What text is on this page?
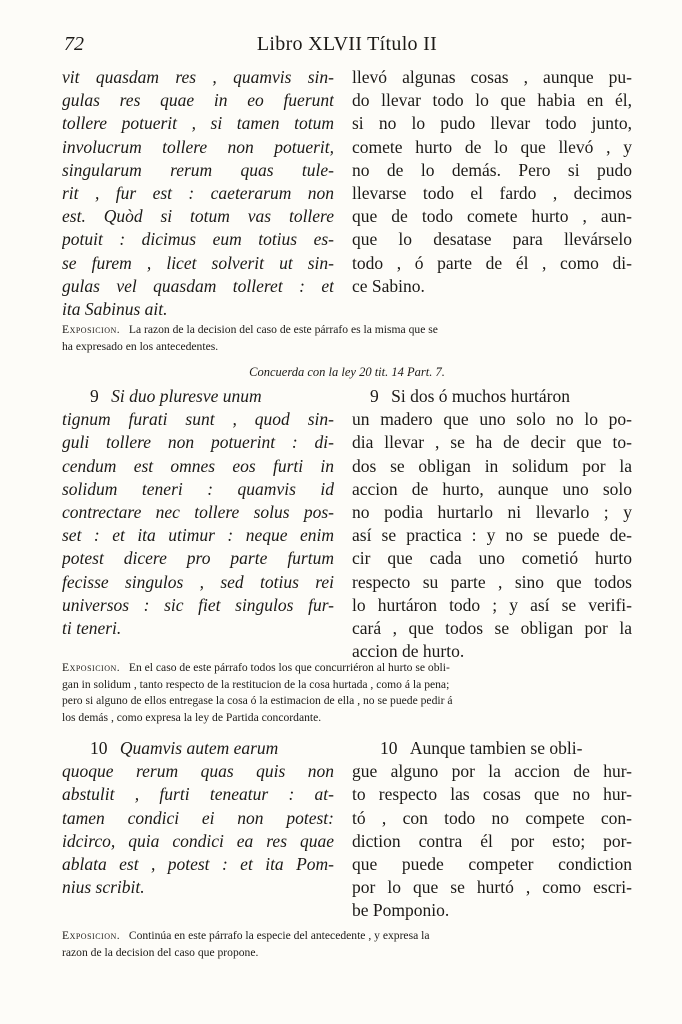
72	Libro XLVII Título II
vit quasdam res , quamvis sin-
gulas res quae in eo fuerunt
tollere potuerit , si tamen totum
involucrum tollere non potuerit,
singularum rerum quas tule-
rit , fur est : caeterarum non
est. Quòd si totum vas tollere
potuit : dicimus eum totius es-
se furem , licet solverit ut sin-
gulas vel quasdam tolleret : et
ita Sabinus ait.
llevó algunas cosas , aunque pu-
do llevar todo lo que habia en él,
si no lo pudo llevar todo junto,
comete hurto de lo que llevó , y
no de lo demás. Pero si pudo
llevarse todo el fardo , decimos
que de todo comete hurto , aun-
que lo desatase para llevárselo
todo , ó parte de él , como di-
ce Sabino.
Exposicion. La razon de la decision del caso de este párrafo es la misma que se
ha expresado en los antecedentes.
Concuerda con la ley 20 tit. 14 Part. 7.
9 Si duo pluresve unum
tignum furati sunt , quod sin-
guli tollere non potuerint : di-
cendum est omnes eos furti in
solidum teneri : quamvis id
contrectare nec tollere solus pos-
set : et ita utimur : neque enim
potest dicere pro parte furtum
fecisse singulos , sed totius rei
universos : sic fiet singulos fur-
ti teneri.
9 Si dos ó muchos hurtáron
un madero que uno solo no lo po-
dia llevar , se ha de decir que to-
dos se obligan in solidum por la
accion de hurto, aunque uno solo
no podia hurtarlo ni llevarlo ; y
así se practica : y no se puede de-
cir que cada uno cometió hurto
respecto su parte , sino que todos
lo hurtáron todo ; y así se verifi-
cará , que todos se obligan por la
accion de hurto.
Exposicion. En el caso de este párrafo todos los que concurriéron al hurto se obli-
gan in solidum , tanto respecto de la restitucion de la cosa hurtada , como á la pena;
pero si alguno de ellos entregase la cosa ó la estimacion de ella , no se puede pedir á
los demás , como expresa la ley de Partida concordante.
10 Quamvis autem earum
quoque rerum quas quis non
abstulit , furti teneatur : at-
tamen condici ei non potest:
idcirco, quia condici ea res quae
ablata est , potest : et ita Pom-
nius scribit.
10 Aunque tambien se obli-
gue alguno por la accion de hur-
to respecto las cosas que no hur-
tó , con todo no compete con-
diction contra él por esto; por-
que puede competer condiction
por lo que se hurtó , como escri-
be Pomponio.
Exposicion. Continúa en este párrafo la especie del antecedente , y expresa la
razon de la decision del caso que propone.
